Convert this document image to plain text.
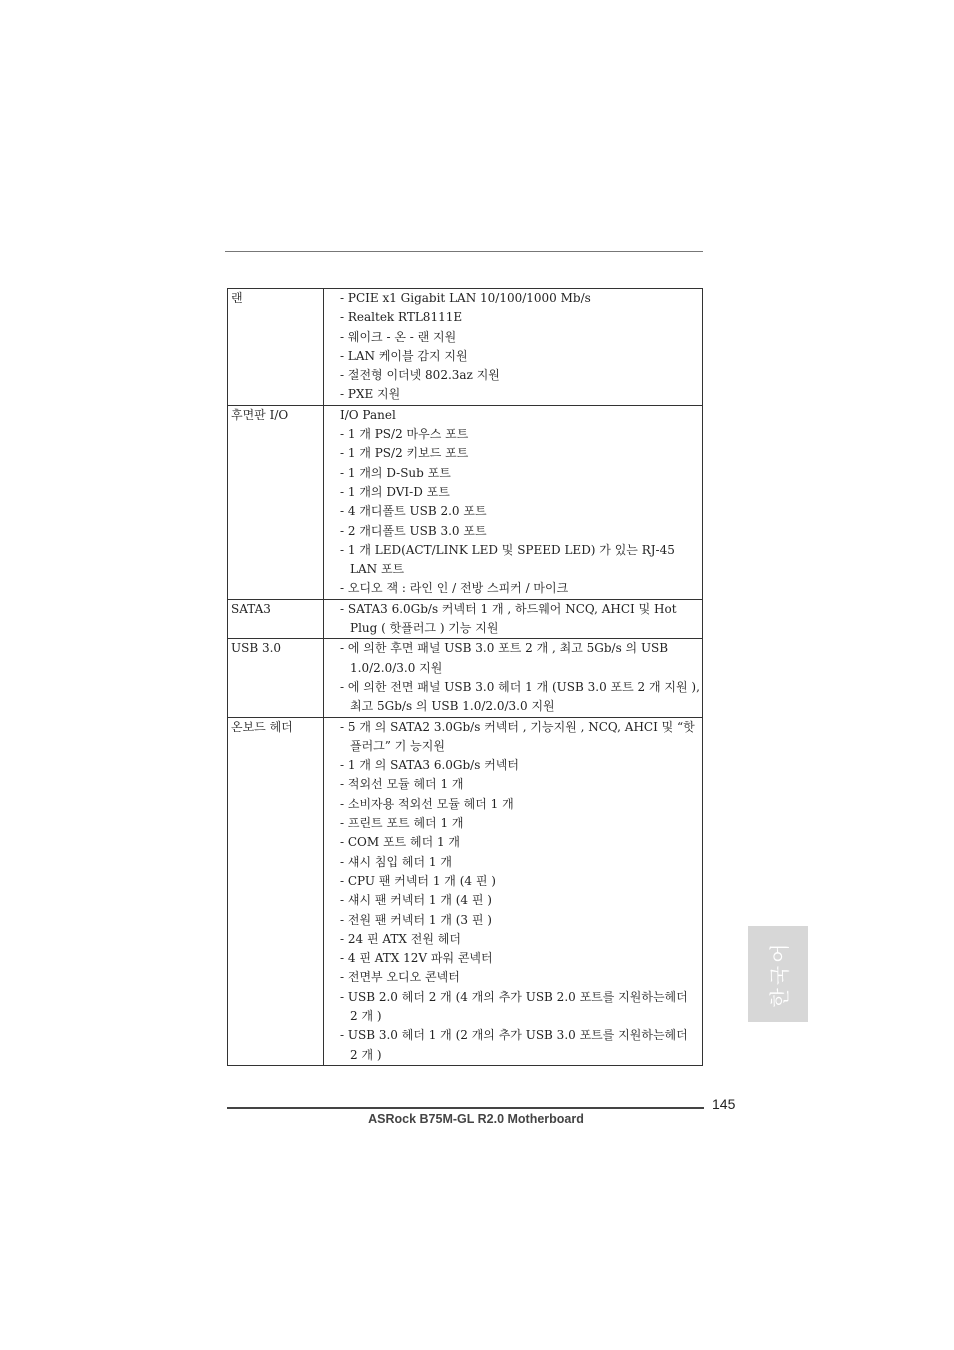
랜	- PCIE x1 Gigabit LAN 10/100/1000 Mb/s
- Realtek RTL8111E
- 웨이크 - 온 - 랜 지원
- LAN 케이블 감지 지원
- 절전형 이더넷 802.3az 지원
- PXE 지원
후면판 I/O	I/O Panel
- 1 개 PS/2 마우스 포트
- 1 개 PS/2 키보드 포트
- 1 개의 D-Sub 포트
- 1 개의 DVI-D 포트
- 4 개디폴트 USB 2.0 포트
- 2 개디폴트 USB 3.0 포트
- 1 개 LED(ACT/LINK LED 및 SPEED LED) 가 있는 RJ-45
LAN 포트
- 오디오 잭 : 라인 인 / 전방 스피커 / 마이크
SATA3	- SATA3 6.0Gb/s 커넥터 1 개 , 하드웨어 NCQ, AHCI 및 Hot
Plug ( 핫플러그 ) 기능 지원
USB 3.0	- 에 의한 후면 패널 USB 3.0 포트 2 개 , 최고 5Gb/s 의 USB
1.0/2.0/3.0 지원
- 에 의한 전면 패널 USB 3.0 헤더 1 개 (USB 3.0 포트 2 개 지원 ),
최고 5Gb/s 의 USB 1.0/2.0/3.0 지원
온보드 헤더	- 5 개 의 SATA2 3.0Gb/s 커넥터 , 기능지원 , NCQ, AHCI 및 “핫
플러그” 기 능지원
- 1 개 의 SATA3 6.0Gb/s 커넥터
- 적외선 모듈 헤더 1 개
- 소비자용 적외선 모듈 헤더 1 개
- 프린트 포트 헤더 1 개
- COM 포트 헤더 1 개
- 섀시 침입 헤더 1 개
- CPU 팬 커넥터 1 개 (4 핀 )
- 섀시 팬 커넥터 1 개 (4 핀 )
- 전원 팬 커넥터 1 개 (3 핀 )
- 24 핀 ATX 전원 헤더
- 4 핀 ATX 12V 파워 콘넥터
- 전면부 오디오 콘넥터
- USB 2.0 헤더 2 개 (4 개의 추가 USB 2.0 포트를 지원하는헤더
2 개 )
- USB 3.0 헤더 1 개 (2 개의 추가 USB 3.0 포트를 지원하는헤더
2 개 )
한국어
145
ASRock B75M-GL R2.0 Motherboard
